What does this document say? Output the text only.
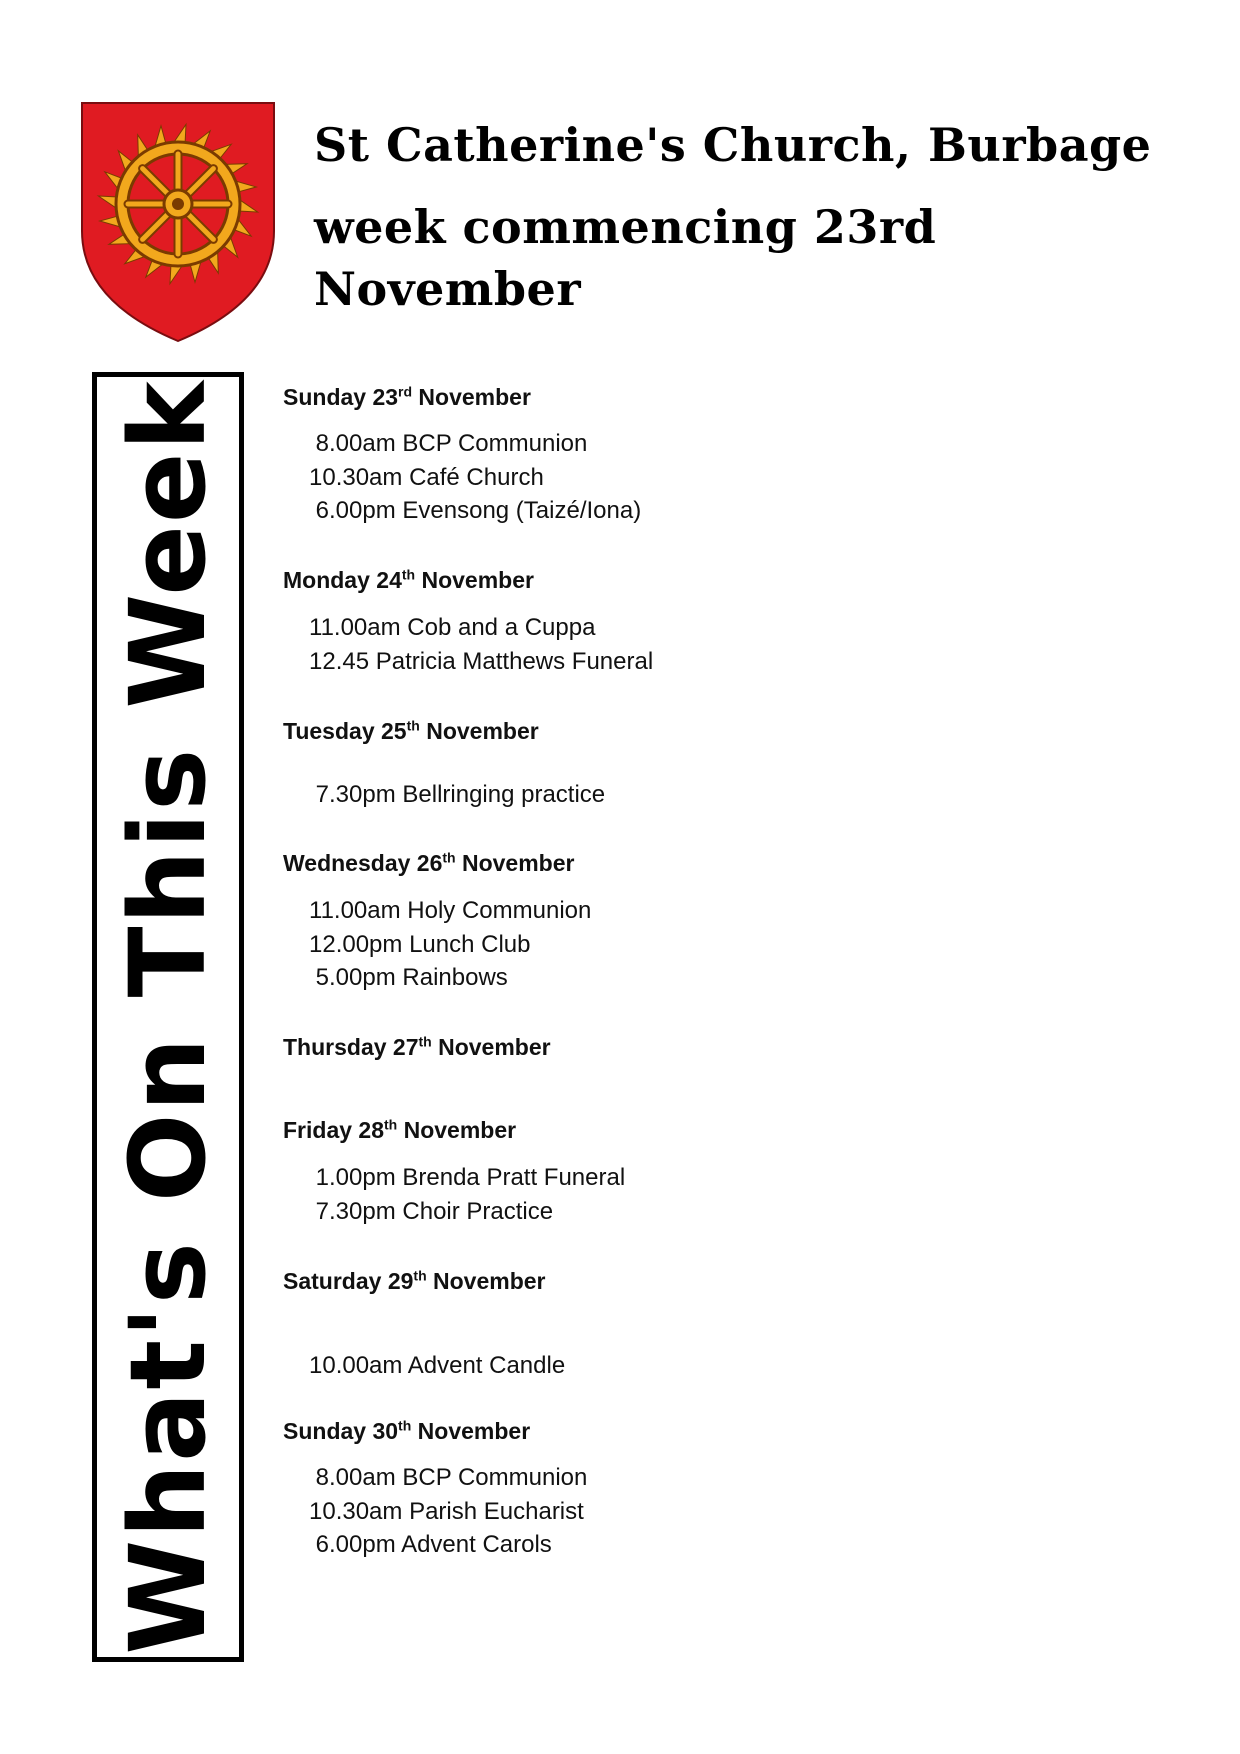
St Catherine's Church, Burbage
week commencing 23rd
November
What's On This Week Sunday 23rd November
8.00am BCP Communion
10.30am Café Church
6.00pm Evensong (Taizé/Iona)
Monday 24th November
11.00am Cob and a Cuppa
12.45 Patricia Matthews Funeral
Tuesday 25th November
7.30pm Bellringing practice
Wednesday 26th November
11.00am Holy Communion
12.00pm Lunch Club
5.00pm Rainbows
Thursday 27th November
Friday 28th November
1.00pm Brenda Pratt Funeral
7.30pm Choir Practice
Saturday 29th November
10.00am Advent Candle
Sunday 30th November
8.00am BCP Communion
10.30am Parish Eucharist
6.00pm Advent Carols
